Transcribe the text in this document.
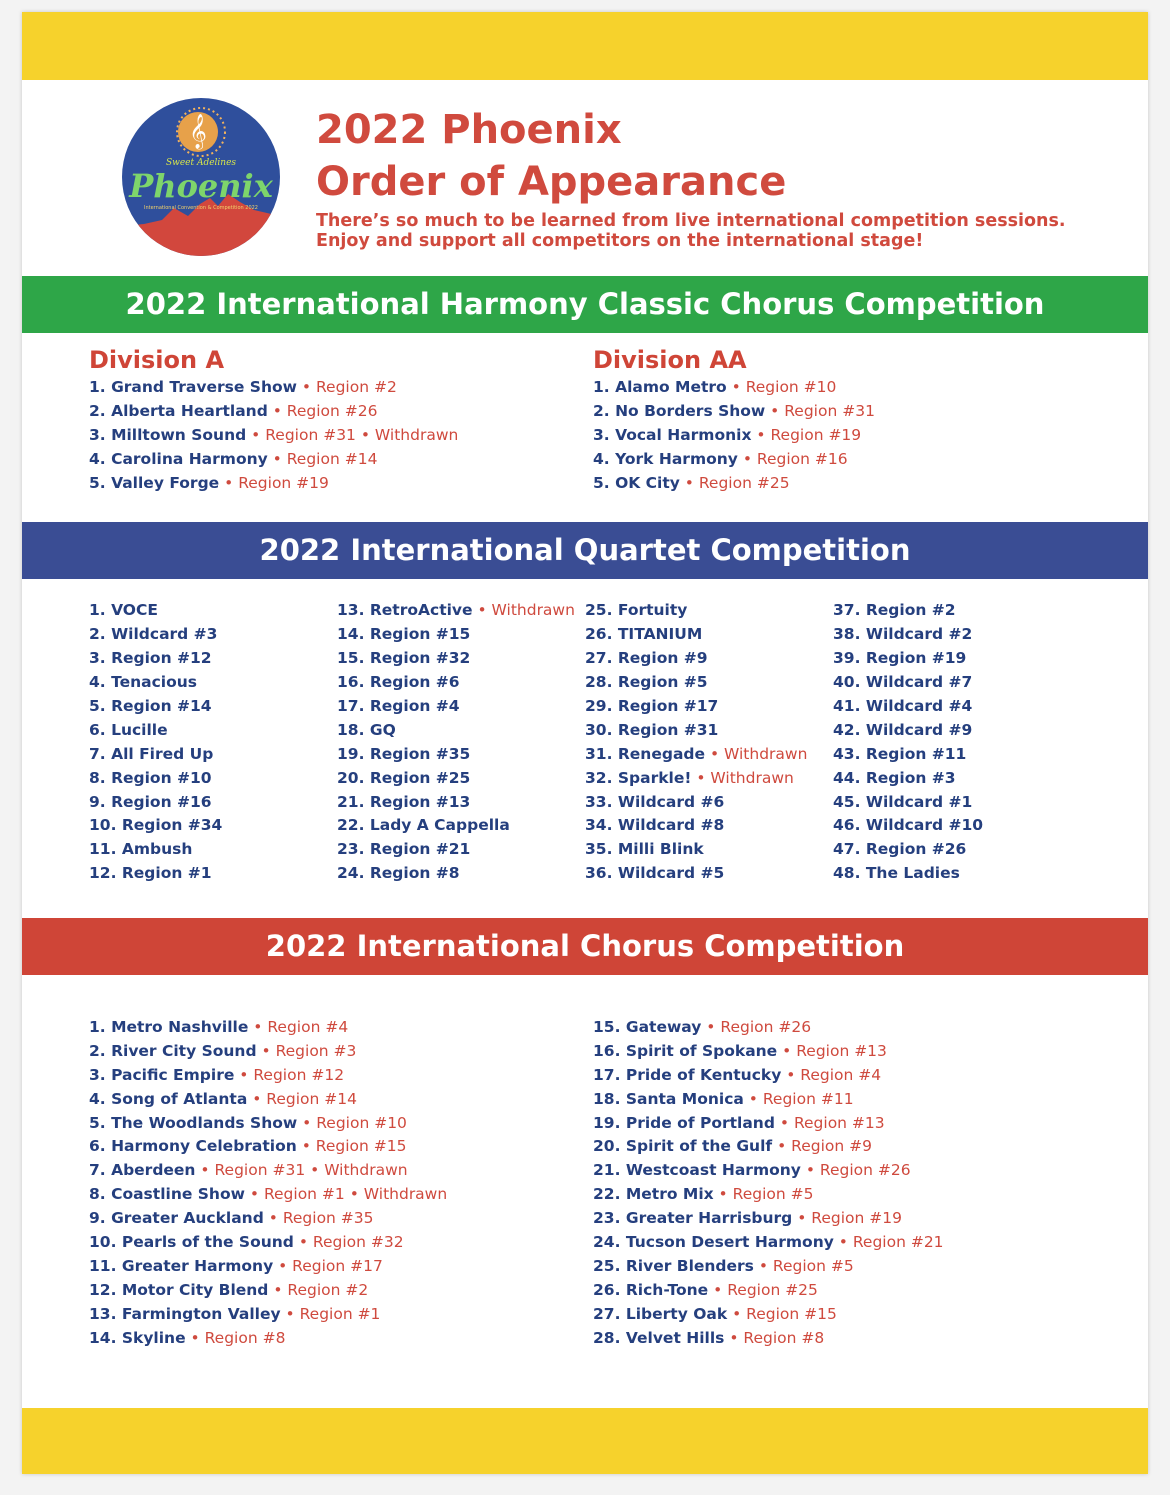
𝄞
Sweet Adelines
Phoenix
International Convention & Competition 2022
2022 Phoenix
Order of Appearance
There’s so much to be learned from live international competition sessions.
Enjoy and support all competitors on the international stage!
2022 International Harmony Classic Chorus Competition
Division A
1. Grand Traverse Show • Region #2
2. Alberta Heartland • Region #26
3. Milltown Sound • Region #31 • Withdrawn
4. Carolina Harmony • Region #14
5. Valley Forge • Region #19
Division AA
1. Alamo Metro • Region #10
2. No Borders Show • Region #31
3. Vocal Harmonix • Region #19
4. York Harmony • Region #16
5. OK City • Region #25
2022 International Quartet Competition
1. VOCE
2. Wildcard #3
3. Region #12
4. Tenacious
5. Region #14
6. Lucille
7. All Fired Up
8. Region #10
9. Region #16
10. Region #34
11. Ambush
12. Region #1
13. RetroActive • Withdrawn
14. Region #15
15. Region #32
16. Region #6
17. Region #4
18. GQ
19. Region #35
20. Region #25
21. Region #13
22. Lady A Cappella
23. Region #21
24. Region #8
25. Fortuity
26. TITANIUM
27. Region #9
28. Region #5
29. Region #17
30. Region #31
31. Renegade • Withdrawn
32. Sparkle! • Withdrawn
33. Wildcard #6
34. Wildcard #8
35. Milli Blink
36. Wildcard #5
37. Region #2
38. Wildcard #2
39. Region #19
40. Wildcard #7
41. Wildcard #4
42. Wildcard #9
43. Region #11
44. Region #3
45. Wildcard #1
46. Wildcard #10
47. Region #26
48. The Ladies
2022 International Chorus Competition
1. Metro Nashville • Region #4
2. River City Sound • Region #3
3. Pacific Empire • Region #12
4. Song of Atlanta • Region #14
5. The Woodlands Show • Region #10
6. Harmony Celebration • Region #15
7. Aberdeen • Region #31 • Withdrawn
8. Coastline Show • Region #1 • Withdrawn
9. Greater Auckland • Region #35
10. Pearls of the Sound • Region #32
11. Greater Harmony • Region #17
12. Motor City Blend • Region #2
13. Farmington Valley • Region #1
14. Skyline • Region #8
15. Gateway • Region #26
16. Spirit of Spokane • Region #13
17. Pride of Kentucky • Region #4
18. Santa Monica • Region #11
19. Pride of Portland • Region #13
20. Spirit of the Gulf • Region #9
21. Westcoast Harmony • Region #26
22. Metro Mix • Region #5
23. Greater Harrisburg • Region #19
24. Tucson Desert Harmony • Region #21
25. River Blenders • Region #5
26. Rich-Tone • Region #25
27. Liberty Oak • Region #15
28. Velvet Hills • Region #8
